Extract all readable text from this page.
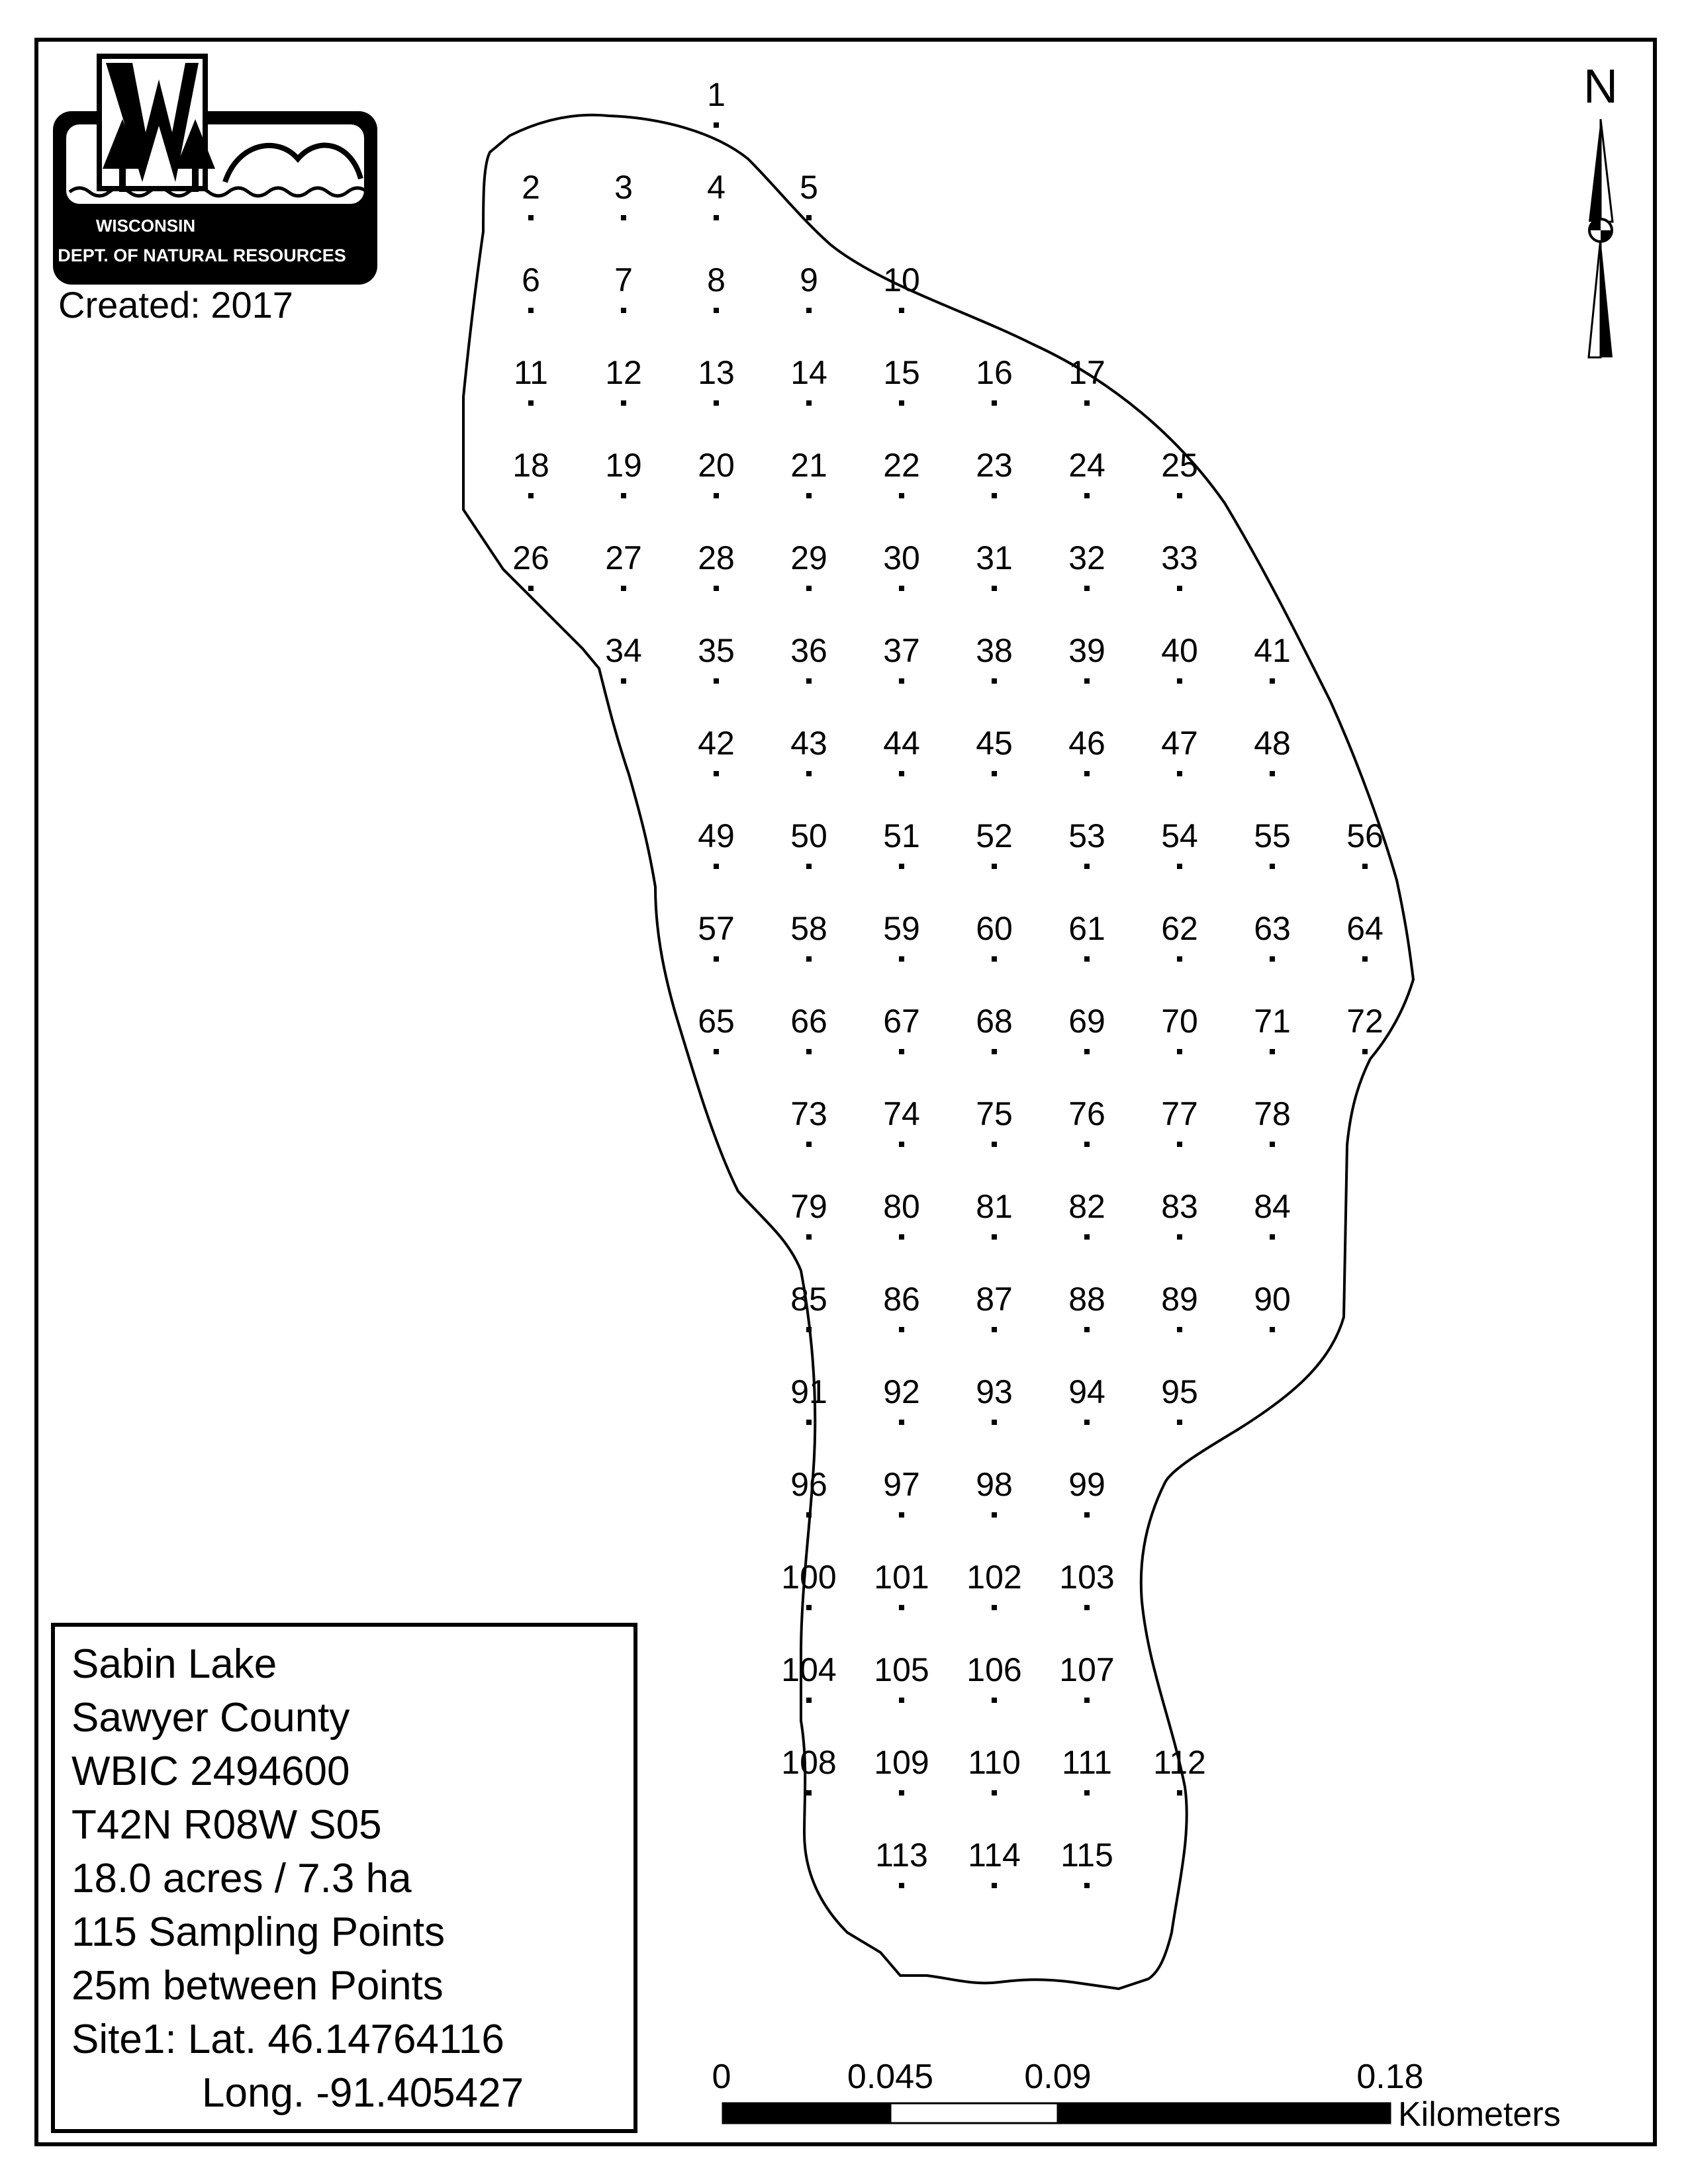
1
2 3 4 5
6 7 8 9 10
11 12 13 14 15 16 17
18 19 20 21 22 23 24 25
26 27 28 29 30 31 32 33
34 35 36 37 38 39 40 41
42 43 44 45 46 47 48
49 50 51 52 53 54 55 56
57 58 59 60 61 62 63 64
65 66 67 68 69 70 71 72
73 74 75 76 77 78
79 80 81 82 83 84
85 86 87 88 89 90
91 92 93 94 95
96 97 98 99
100 101 102 103
104 105 106 107
108 109 110 111 112
113 114 115
WISCONSIN
DEPT. OF NATURAL RESOURCES
Created: 2017
N
Sabin Lake
Sawyer County
WBIC 2494600
T42N R08W S05
18.0 acres / 7.3 ha
115 Sampling Points
25m between Points
Site1: Lat. 46.14764116
Long. -91.405427	0	0.045	0.09	0.18
Kilometers
